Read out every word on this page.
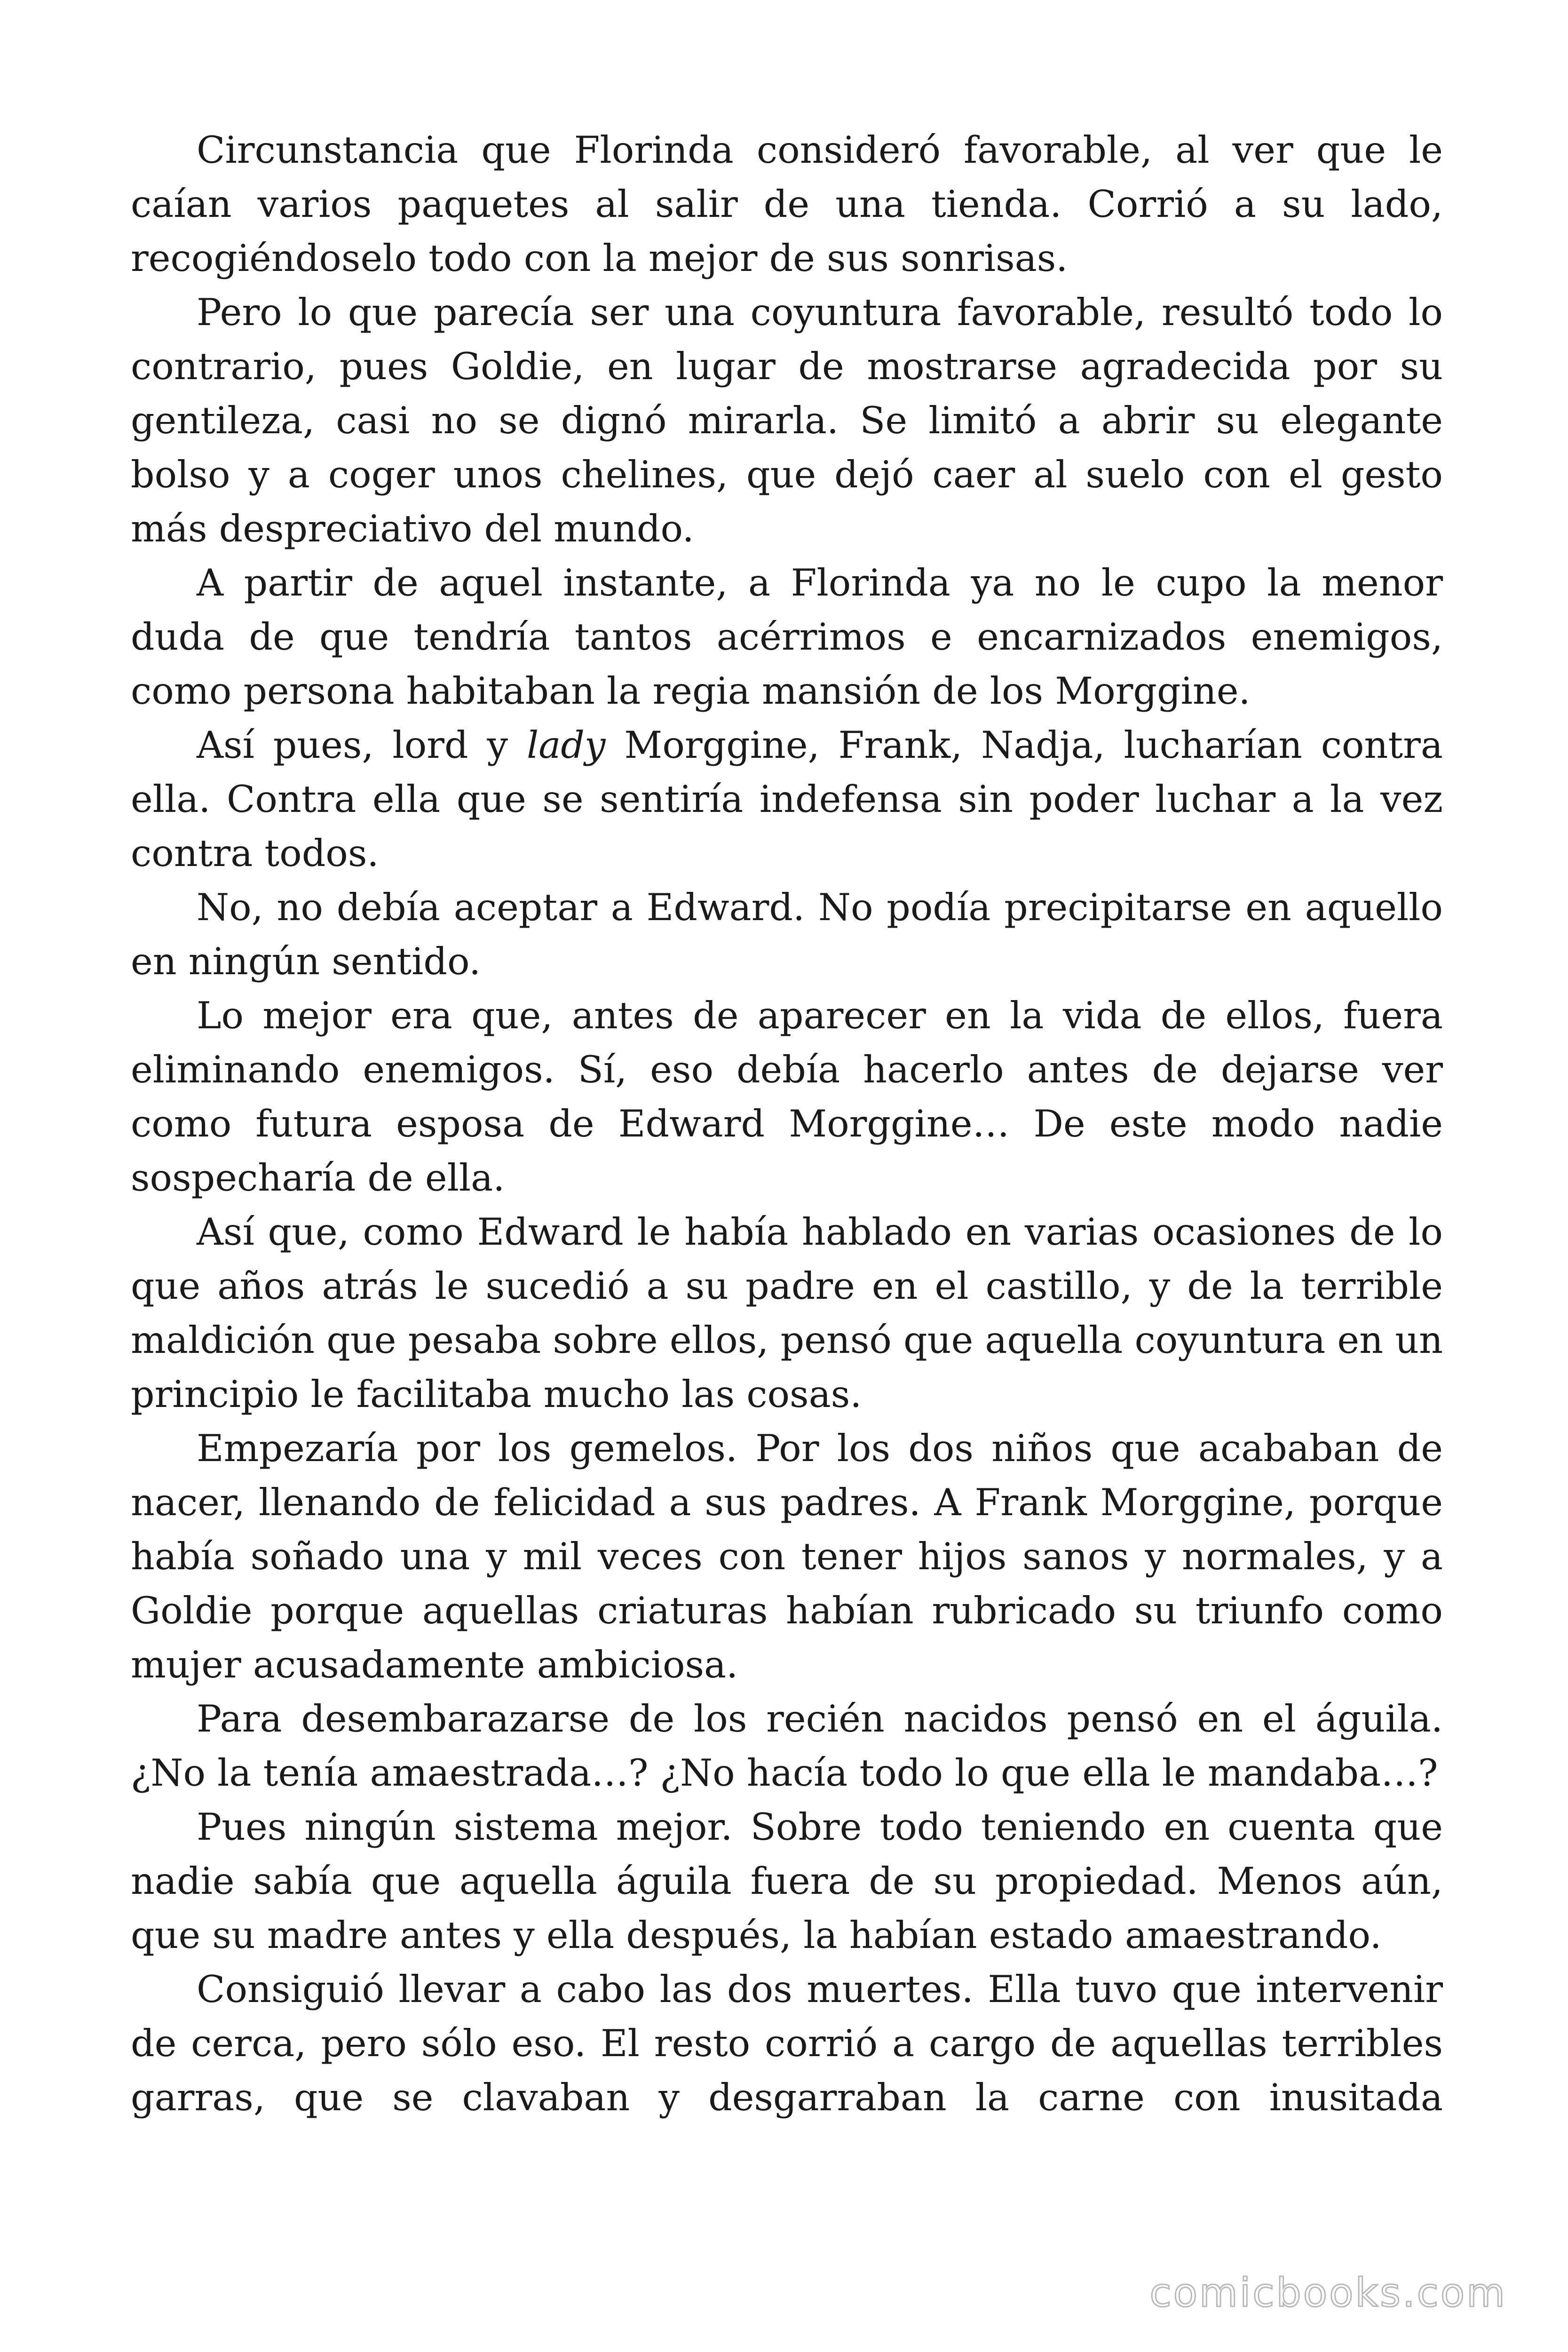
Circunstancia que Florinda consideró favorable, al ver que le caían varios paquetes al salir de una tienda. Corrió a su lado, recogiéndoselo todo con la mejor de sus sonrisas.

Pero lo que parecía ser una coyuntura favorable, resultó todo lo contrario, pues Goldie, en lugar de mostrarse agradecida por su gentileza, casi no se dignó mirarla. Se limitó a abrir su elegante bolso y a coger unos chelines, que dejó caer al suelo con el gesto más despreciativo del mundo.

A partir de aquel instante, a Florinda ya no le cupo la menor duda de que tendría tantos acérrimos e encarnizados enemigos, como persona habitaban la regia mansión de los Morggine.

Así pues, lord y lady Morggine, Frank, Nadja, lucharían contra ella. Contra ella que se sentiría indefensa sin poder luchar a la vez contra todos.

No, no debía aceptar a Edward. No podía precipitarse en aquello en ningún sentido.

Lo mejor era que, antes de aparecer en la vida de ellos, fuera eliminando enemigos. Sí, eso debía hacerlo antes de dejarse ver como futura esposa de Edward Morggine… De este modo nadie sospecharía de ella.

Así que, como Edward le había hablado en varias ocasiones de lo que años atrás le sucedió a su padre en el castillo, y de la terrible maldición que pesaba sobre ellos, pensó que aquella coyuntura en un principio le facilitaba mucho las cosas.

Empezaría por los gemelos. Por los dos niños que acababan de nacer, llenando de felicidad a sus padres. A Frank Morggine, porque había soñado una y mil veces con tener hijos sanos y normales, y a Goldie porque aquellas criaturas habían rubricado su triunfo como mujer acusadamente ambiciosa.

Para desembarazarse de los recién nacidos pensó en el águila. ¿No la tenía amaestrada…? ¿No hacía todo lo que ella le mandaba…?

Pues ningún sistema mejor. Sobre todo teniendo en cuenta que nadie sabía que aquella águila fuera de su propiedad. Menos aún, que su madre antes y ella después, la habían estado amaestrando.

Consiguió llevar a cabo las dos muertes. Ella tuvo que intervenir de cerca, pero sólo eso. El resto corrió a cargo de aquellas terribles garras, que se clavaban y desgarraban la carne con inusitada

comicbooks.com
